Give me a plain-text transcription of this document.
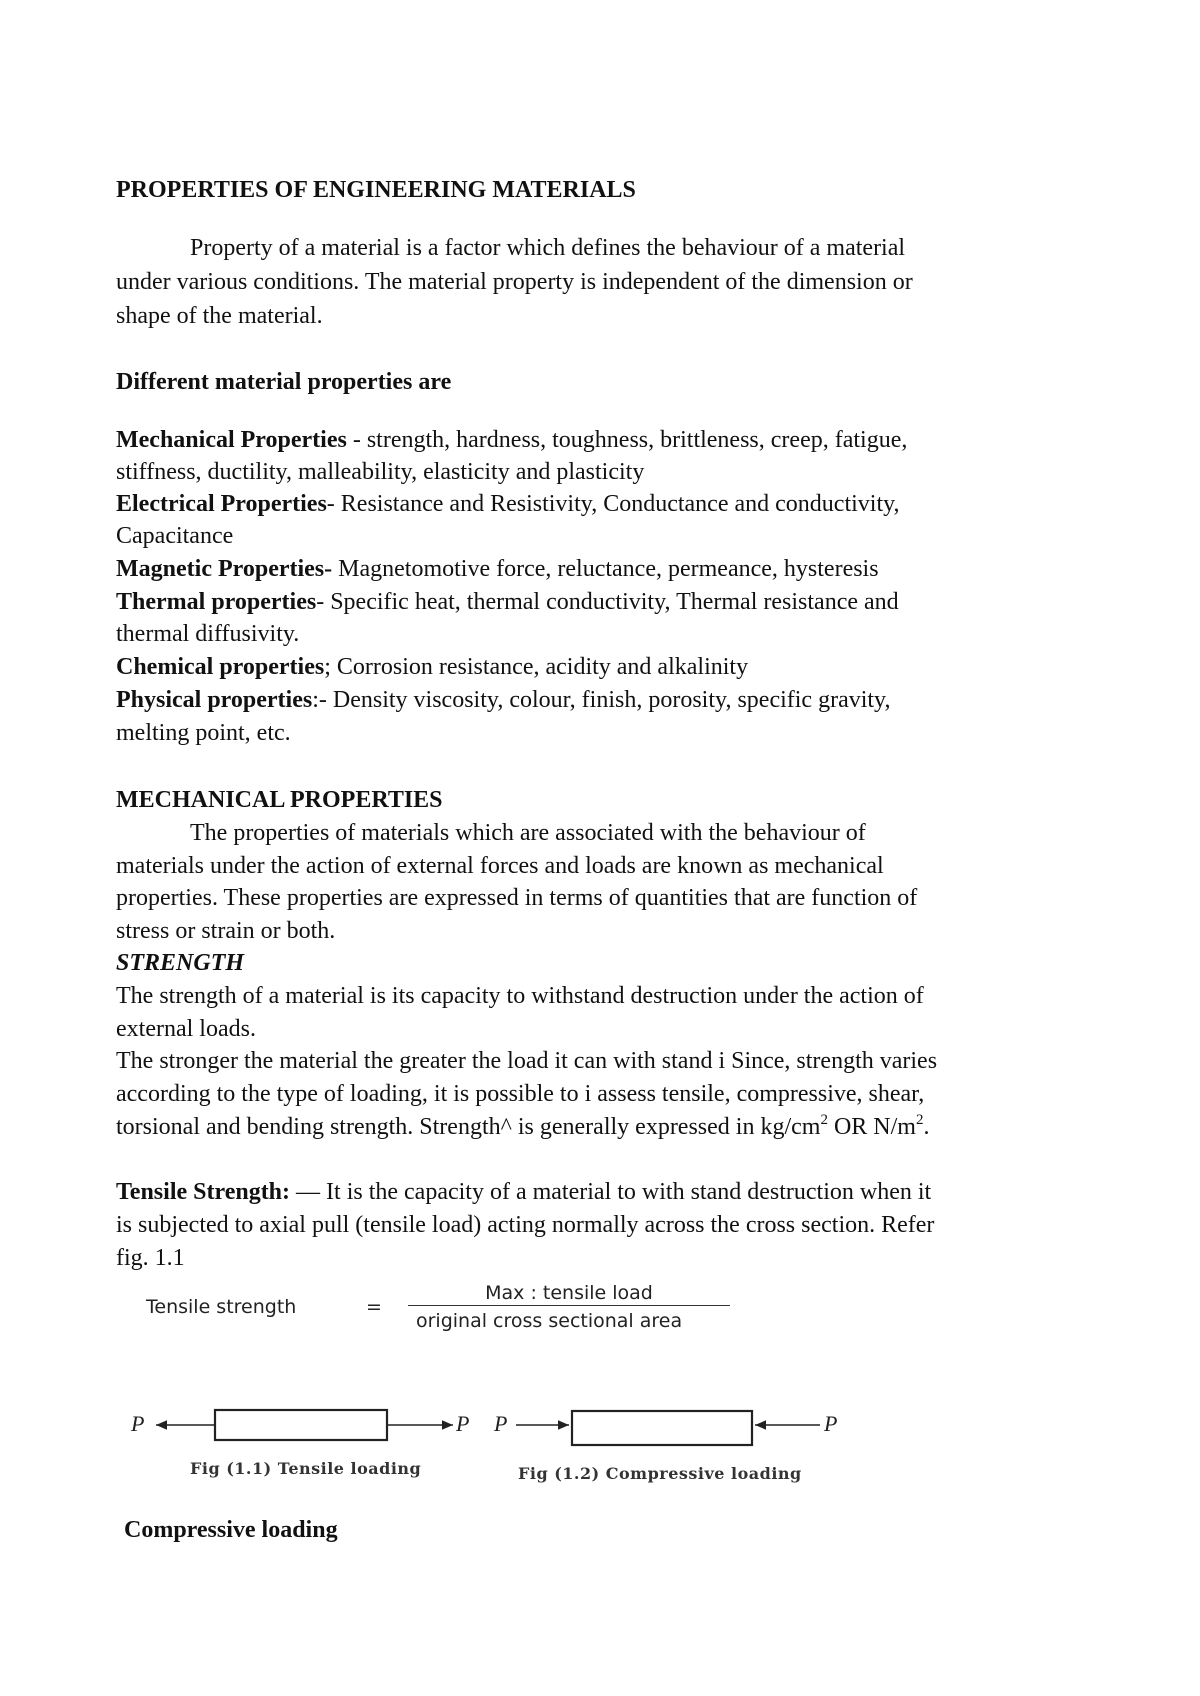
PROPERTIES OF ENGINEERING MATERIALS
Property of a material is a factor which defines the behaviour of a material
under various conditions. The material property is independent of the dimension or
shape of the material.
Different material properties are
Mechanical Properties - strength, hardness, toughness, brittleness, creep, fatigue,
stiffness, ductility, malleability, elasticity and plasticity
Electrical Properties- Resistance and Resistivity, Conductance and conductivity,
Capacitance
Magnetic Properties- Magnetomotive force, reluctance, permeance, hysteresis
Thermal properties- Specific heat, thermal conductivity, Thermal resistance and
thermal diffusivity.
Chemical properties; Corrosion resistance, acidity and alkalinity
Physical properties:- Density viscosity, colour, finish, porosity, specific gravity,
melting point, etc.
MECHANICAL PROPERTIES
The properties of materials which are associated with the behaviour of
materials under the action of external forces and loads are known as mechanical
properties. These properties are expressed in terms of quantities that are function of
stress or strain or both.
STRENGTH
The strength of a material is its capacity to withstand destruction under the action of
external loads.
The stronger the material the greater the load it can with stand i Since, strength varies
according to the type of loading, it is possible to i assess tensile, compressive, shear,
torsional and bending strength. Strength^ is generally expressed in $kg/cm^2$ OR $N/m^2$.
Tensile Strength: — It is the capacity of a material to with stand destruction when it
is subjected to axial pull (tensile load) acting normally across the cross section. Refer
fig. 1.1
Tensile strength	=
Max : tensile load
original cross sectional area
P	P
Fig (1.1) Tensile loading
P	P
Fig (1.2) Compressive loading
Compressive loading
